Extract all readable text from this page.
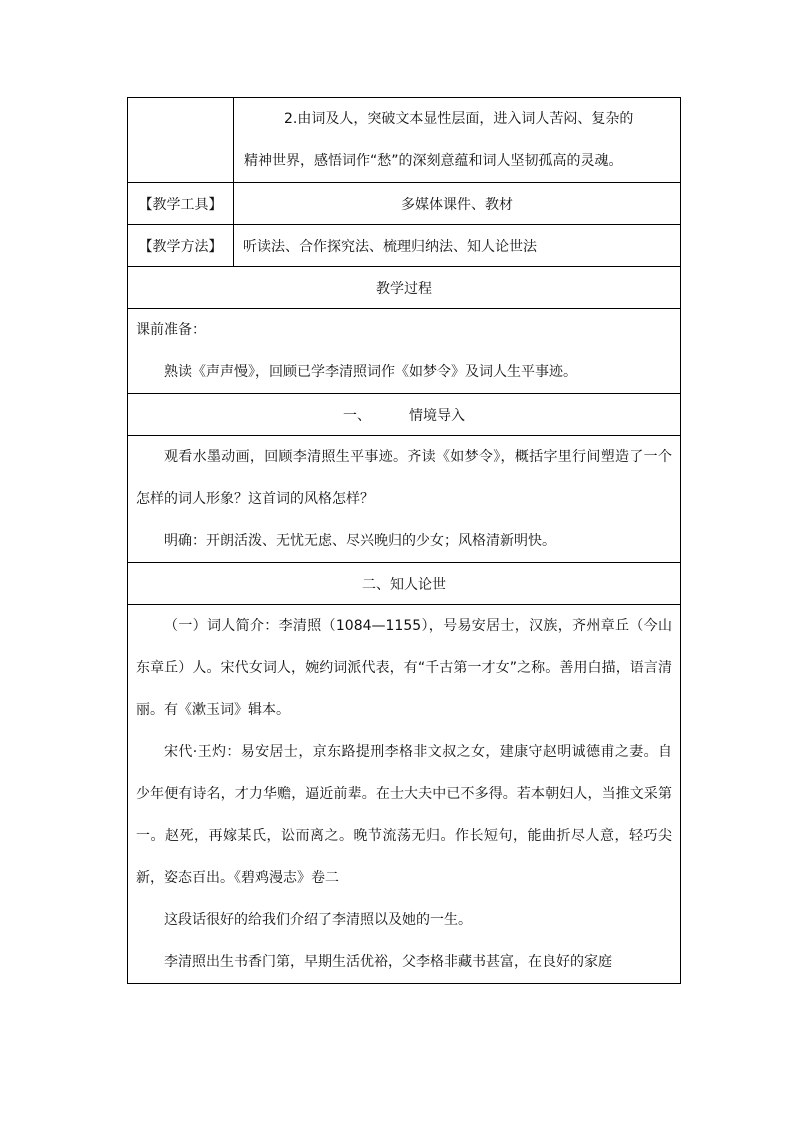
	2.由词及人，突破文本显性层面，进入词人苦闷、复杂的

精神世界，感悟词作“愁”的深刻意蕴和词人坚韧孤高的灵魂。

【教学工具】	多媒体课件、教材
【教学方法】	听读法、合作探究法、梳理归纳法、知人论世法
教学过程	

课前准备：

熟读《声声慢》，回顾已学李清照词作《如梦令》及词人生平事迹。	

一、 情境导入	

观看水墨动画，回顾李清照生平事迹。齐读《如梦令》，概括字里行间塑造了一个怎样的词人形象？这首词的风格怎样？

明确：开朗活泼、无忧无虑、尽兴晚归的少女；风格清新明快。	

二、知人论世	

（一）词人简介：李清照（1084—1155），号易安居士，汉族，齐州章丘（今山东章丘）人。宋代女词人，婉约词派代表，有“千古第一才女”之称。善用白描，语言清丽。有《漱玉词》辑本。

宋代·王灼：易安居士，京东路提刑李格非文叔之女，建康守赵明诚德甫之妻。自少年便有诗名，才力华赡，逼近前辈。在士大夫中已不多得。若本朝妇人，当推文采第一。赵死，再嫁某氏，讼而离之。晚节流荡无归。作长短句，能曲折尽人意，轻巧尖新，姿态百出。《碧鸡漫志》卷二

这段话很好的给我们介绍了李清照以及她的一生。

李清照出生书香门第，早期生活优裕，父李格非藏书甚富，在良好的家庭	
